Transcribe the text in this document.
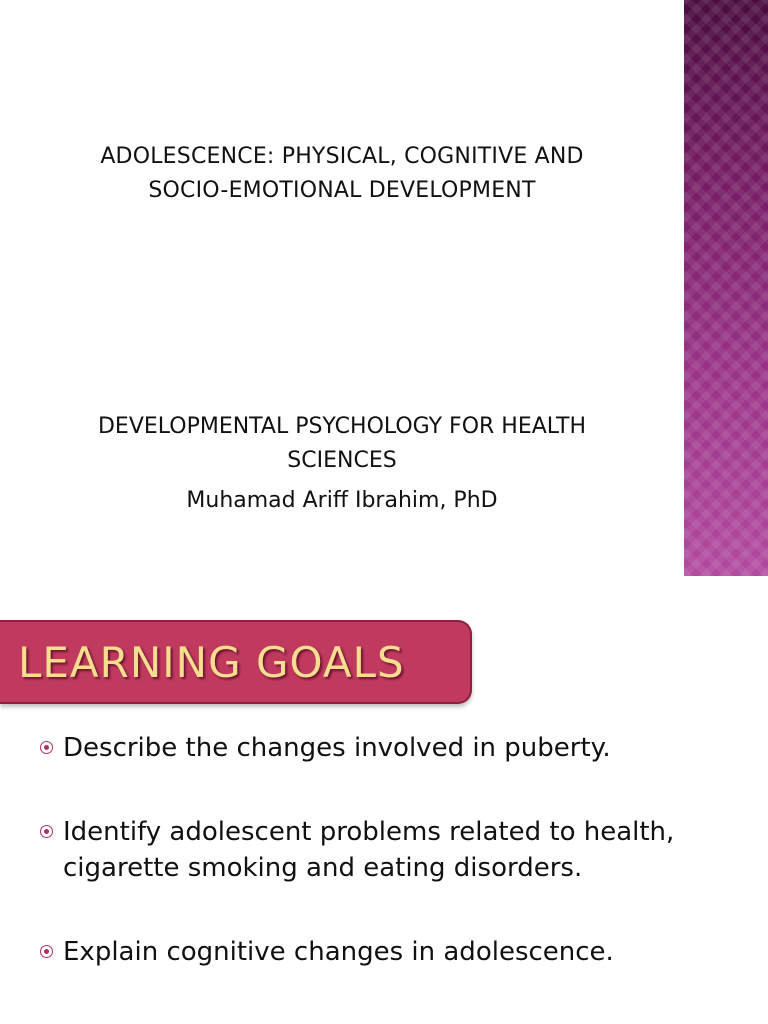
ADOLESCENCE: PHYSICAL, COGNITIVE AND
SOCIO-EMOTIONAL DEVELOPMENT
DEVELOPMENTAL PSYCHOLOGY FOR HEALTH
SCIENCES
Muhamad Ariff Ibrahim, PhD
LEARNING GOALS
Describe the changes involved in puberty.
Identify adolescent problems related to health,
cigarette smoking and eating disorders.
Explain cognitive changes in adolescence.
